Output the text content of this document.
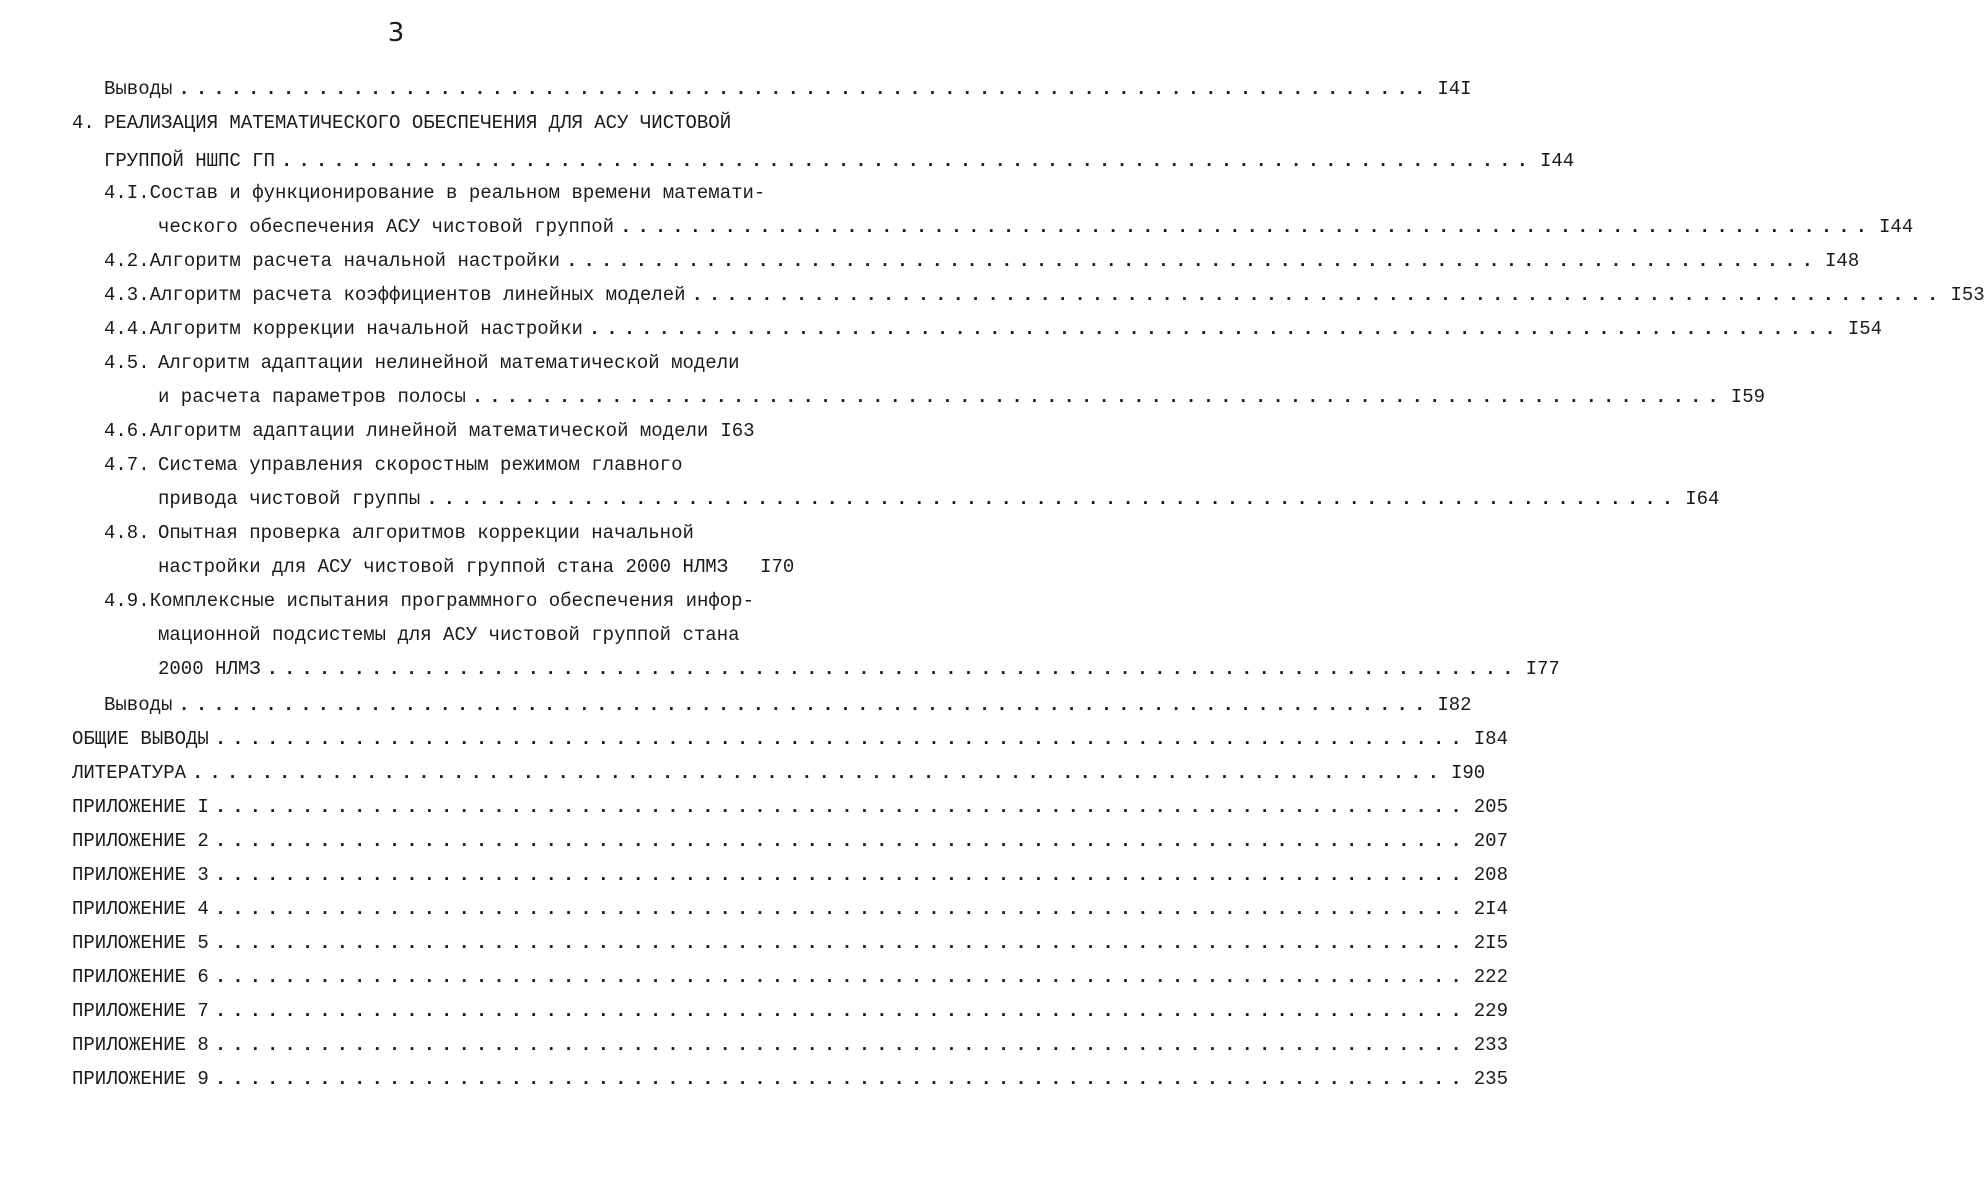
3
Выводы ........................................................................ I4I
4. РЕАЛИЗАЦИЯ МАТЕМАТИЧЕСКОГО ОБЕСПЕЧЕНИЯ ДЛЯ АСУ ЧИСТОВОЙ
ГРУППОЙ НШПС ГП ........................................................................ I44
4.I. Состав и функционирование в реальном времени математи-
ческого обеспечения АСУ чистовой группой ........................................................................ I44
4.2. Алгоритм расчета начальной настройки ........................................................................ I48
4.3. Алгоритм расчета коэффициентов линейных моделей ........................................................................ I53
4.4. Алгоритм коррекции начальной настройки ........................................................................ I54
4.5. Алгоритм адаптации нелинейной математической модели
и расчета параметров полосы ........................................................................ I59
4.6. Алгоритм адаптации линейной математической модели I63
4.7. Система управления скоростным режимом главного
привода чистовой группы ........................................................................ I64
4.8. Опытная проверка алгоритмов коррекции начальной
настройки для АСУ чистовой группой стана 2000 НЛМЗ I70
4.9. Комплексные испытания программного обеспечения инфор-
мационной подсистемы для АСУ чистовой группой стана
2000 НЛМЗ ........................................................................ I77
Выводы ........................................................................ I82
ОБЩИЕ ВЫВОДЫ ........................................................................ I84
ЛИТЕРАТУРА ........................................................................ I90
ПРИЛОЖЕНИЕ I ........................................................................ 205
ПРИЛОЖЕНИЕ 2 ........................................................................ 207
ПРИЛОЖЕНИЕ 3 ........................................................................ 208
ПРИЛОЖЕНИЕ 4 ........................................................................ 2I4
ПРИЛОЖЕНИЕ 5 ........................................................................ 2I5
ПРИЛОЖЕНИЕ 6 ........................................................................ 222
ПРИЛОЖЕНИЕ 7 ........................................................................ 229
ПРИЛОЖЕНИЕ 8 ........................................................................ 233
ПРИЛОЖЕНИЕ 9 ........................................................................ 235
